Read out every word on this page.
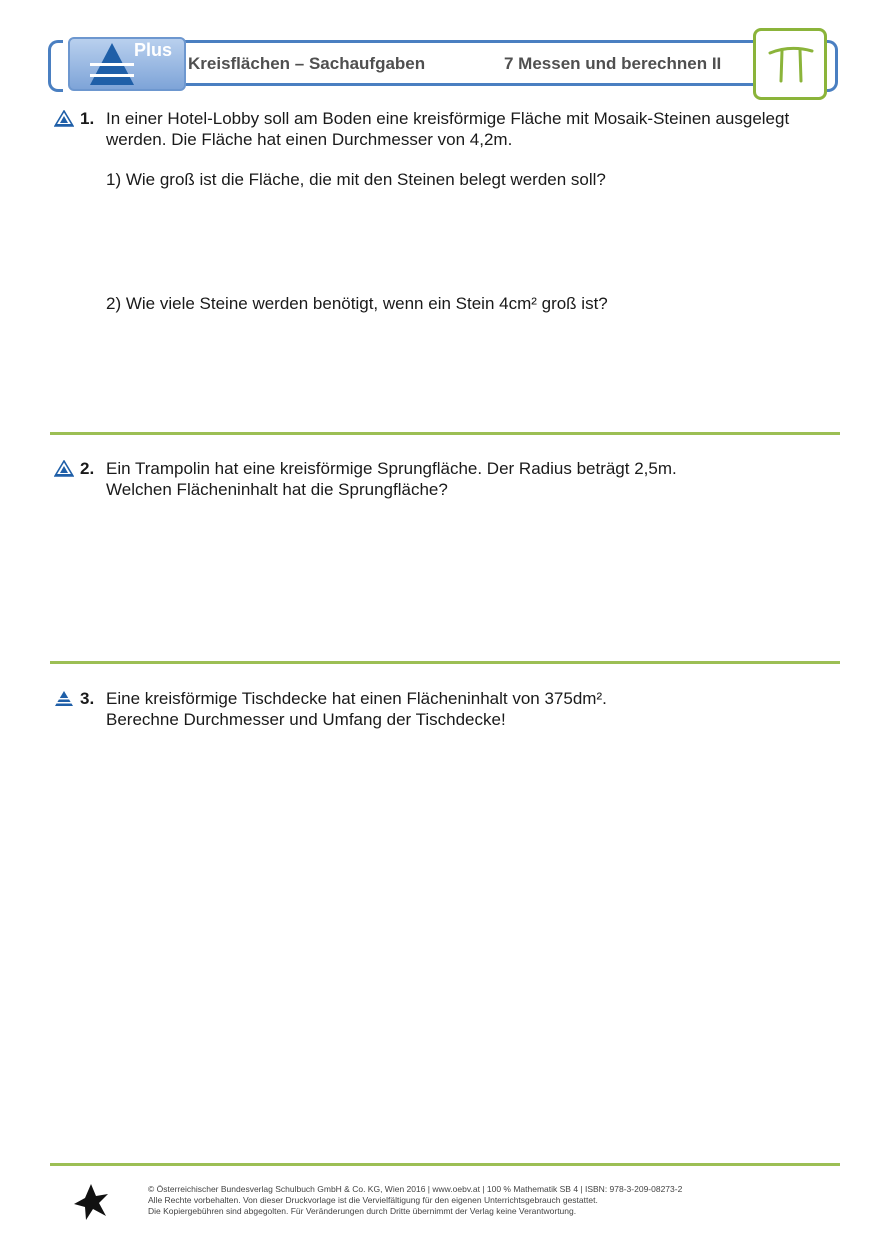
Plus
Kreisflächen – Sachaufgaben	7 Messen und berechnen II
1. In einer Hotel-Lobby soll am Boden eine kreisförmige Fläche mit Mosaik-Steinen ausgelegt
werden. Die Fläche hat einen Durchmesser von 4,2m.
1) Wie groß ist die Fläche, die mit den Steinen belegt werden soll?
2) Wie viele Steine werden benötigt, wenn ein Stein 4cm² groß ist?
2. Ein Trampolin hat eine kreisförmige Sprungfläche. Der Radius beträgt 2,5m.
Welchen Flächeninhalt hat die Sprungfläche?
3. Eine kreisförmige Tischdecke hat einen Flächeninhalt von 375dm².
Berechne Durchmesser und Umfang der Tischdecke!
© Österreichischer Bundesverlag Schulbuch GmbH & Co. KG, Wien 2016 | www.oebv.at | 100 % Mathematik SB 4 | ISBN: 978-3-209-08273-2
Alle Rechte vorbehalten. Von dieser Druckvorlage ist die Vervielfältigung für den eigenen Unterrichtsgebrauch gestattet.
Die Kopiergebühren sind abgegolten. Für Veränderungen durch Dritte übernimmt der Verlag keine Verantwortung.
